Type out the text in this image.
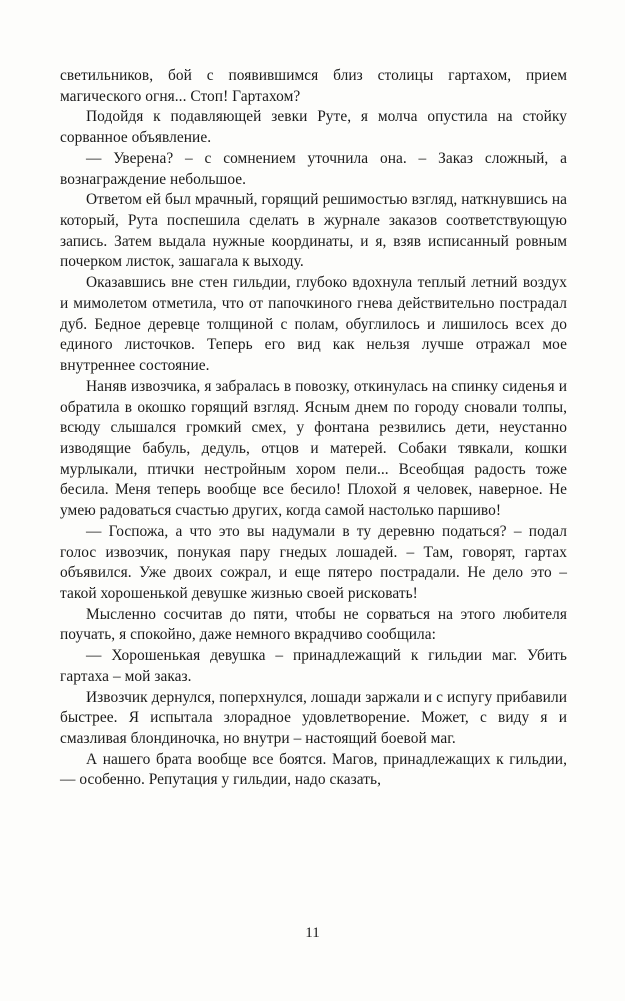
светильников, бой с появившимся близ столицы гартахом, прием магического огня... Стоп! Гартахом?

Подойдя к подавляющей зевки Руте, я молча опустила на стойку сорванное объявление.

— Уверена? – с сомнением уточнила она. – Заказ сложный, а вознаграждение небольшое.

Ответом ей был мрачный, горящий решимостью взгляд, наткнувшись на который, Рута поспешила сделать в журнале заказов соответствующую запись. Затем выдала нужные координаты, и я, взяв исписанный ровным почерком листок, зашагала к выходу.

Оказавшись вне стен гильдии, глубоко вдохнула теплый летний воздух и мимолетом отметила, что от папочкиного гнева действительно пострадал дуб. Бедное деревце толщиной с полам, обуглилось и лишилось всех до единого листочков. Теперь его вид как нельзя лучше отражал мое внутреннее состояние.

Наняв извозчика, я забралась в повозку, откинулась на спинку сиденья и обратила в окошко горящий взгляд. Ясным днем по городу сновали толпы, всюду слышался громкий смех, у фонтана резвились дети, неустанно изводящие бабуль, дедуль, отцов и матерей. Собаки тявкали, кошки мурлыкали, птички нестройным хором пели... Всеобщая радость тоже бесила. Меня теперь вообще все бесило! Плохой я человек, наверное. Не умею радоваться счастью других, когда самой настолько паршиво!

— Госпожа, а что это вы надумали в ту деревню податься? – подал голос извозчик, понукая пару гнедых лошадей. – Там, говорят, гартах объявился. Уже двоих сожрал, и еще пятеро пострадали. Не дело это – такой хорошенькой девушке жизнью своей рисковать!

Мысленно сосчитав до пяти, чтобы не сорваться на этого любителя поучать, я спокойно, даже немного вкрадчиво сообщила:

— Хорошенькая девушка – принадлежащий к гильдии маг. Убить гартаха – мой заказ.

Извозчик дернулся, поперхнулся, лошади заржали и с испугу прибавили быстрее. Я испытала злорадное удовлетворение. Может, с виду я и смазливая блондиночка, но внутри – настоящий боевой маг.

А нашего брата вообще все боятся. Магов, принадлежащих к гильдии, — особенно. Репутация у гильдии, надо сказать,

11
